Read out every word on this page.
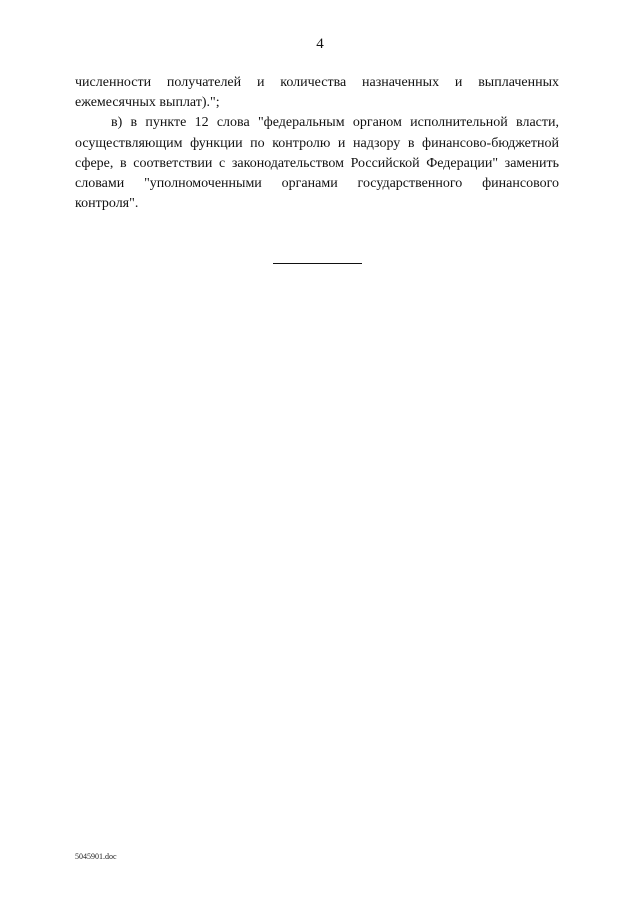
4

численности получателей и количества назначенных и выплаченных ежемесячных выплат).";

в) в пункте 12 слова "федеральным органом исполнительной власти, осуществляющим функции по контролю и надзору в финансово-бюджетной сфере, в соответствии с законодательством Российской Федерации" заменить словами "уполномоченными органами государственного финансового контроля".

5045901.doc
